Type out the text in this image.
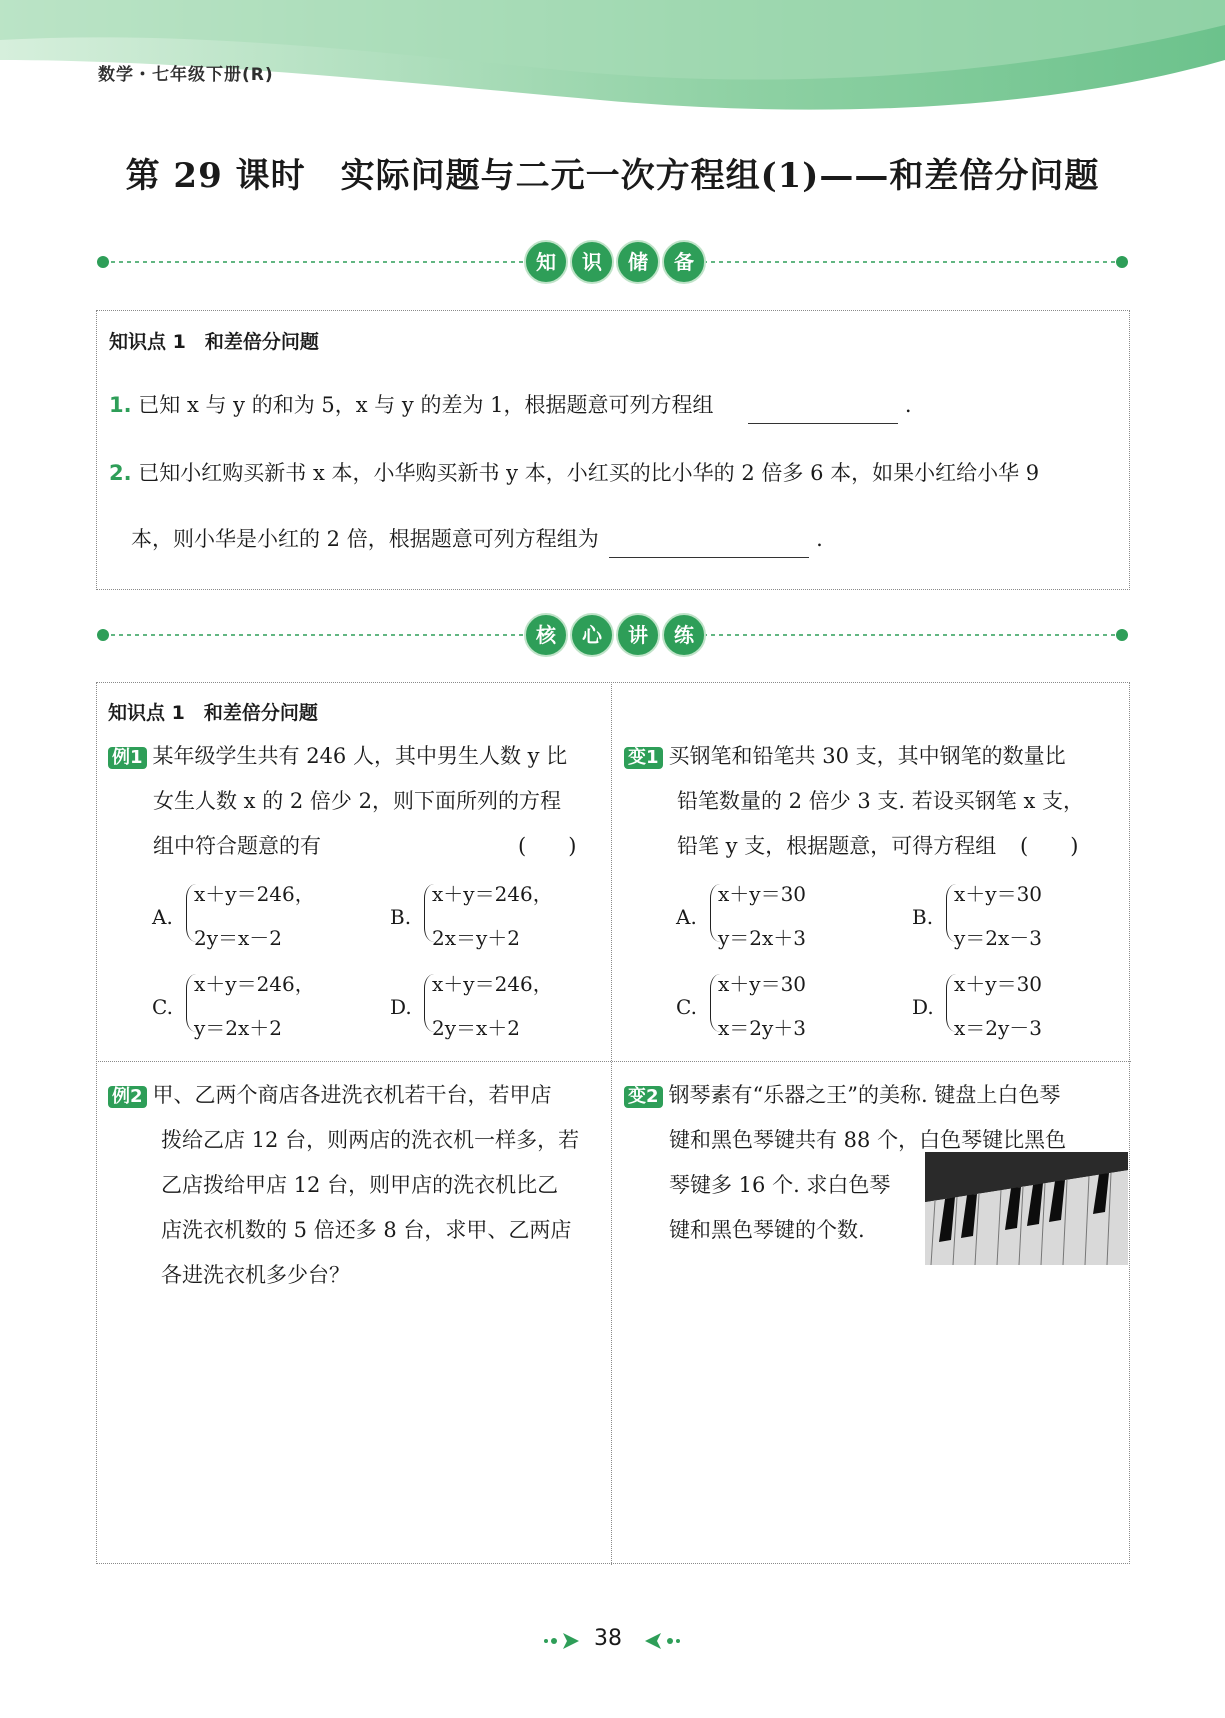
数学・七年级下册(R)
第 29 课时　实际问题与二元一次方程组(1)——和差倍分问题
知 识 储 备
知识点 1　和差倍分问题
1. 已知 x 与 y 的和为 5，x 与 y 的差为 1，根据题意可列方程组	.
2. 已知小红购买新书 x 本，小华购买新书 y 本，小红买的比小华的 2 倍多 6 本，如果小红给小华 9
本，则小华是小红的 2 倍，根据题意可列方程组为	.
核 心 讲 练
知识点 1　和差倍分问题
例1 某年级学生共有 246 人，其中男生人数 y 比
女生人数 x 的 2 倍少 2，则下面所列的方程
组中符合题意的有	(　　)
A.
x＋y＝246，
2y＝x－2
B.
x＋y＝246，
2x＝y＋2
C.
x＋y＝246，
y＝2x＋2
D.
x＋y＝246，
2y＝x＋2
变1 买钢笔和铅笔共 30 支，其中钢笔的数量比
铅笔数量的 2 倍少 3 支. 若设买钢笔 x 支，
铅笔 y 支，根据题意，可得方程组 (　　)
A.
x＋y＝30
y＝2x＋3
B.
x＋y＝30
y＝2x－3
C.
x＋y＝30
x＝2y＋3
D.
x＋y＝30
x＝2y－3
例2 甲、乙两个商店各进洗衣机若干台，若甲店
拨给乙店 12 台，则两店的洗衣机一样多，若
乙店拨给甲店 12 台，则甲店的洗衣机比乙
店洗衣机数的 5 倍还多 8 台，求甲、乙两店
各进洗衣机多少台？
变2 钢琴素有“乐器之王”的美称. 键盘上白色琴
键和黑色琴键共有 88 个，白色琴键比黑色
琴键多 16 个. 求白色琴
键和黑色琴键的个数.
38
